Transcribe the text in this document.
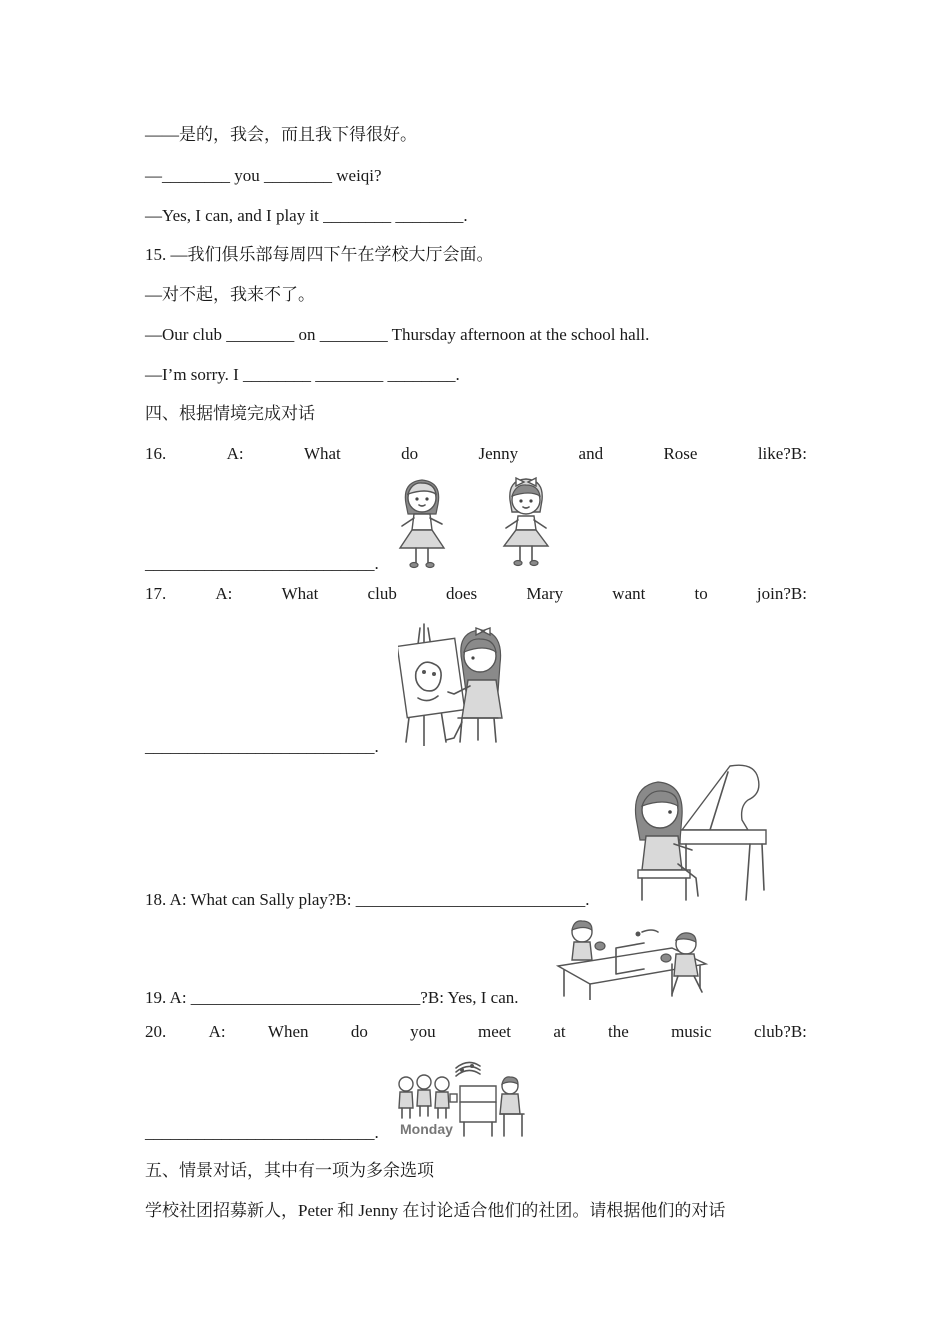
——是的，我会，而且我下得很好。
—________ you ________ weiqi?
—Yes, I can, and I play it ________ ________.
15. —我们俱乐部每周四下午在学校大厅会面。
—对不起，我来不了。
—Our club ________ on ________ Thursday afternoon at the school hall.
—I’m sorry. I ________ ________ ________.
四、根据情境完成对话
16.	A:	What	do	Jenny	and	Rose	like?B:
___________________________.
17.	A:	What	club	does	Mary	want	to	join?B:
___________________________.
18. A: What can Sally play?B: ___________________________.
19. A: ___________________________?B: Yes, I can.
20. A: When do you meet at the music club?B:
Monday
___________________________.
五、情景对话，其中有一项为多余选项
学校社团招募新人，Peter 和 Jenny 在讨论适合他们的社团。请根据他们的对话
